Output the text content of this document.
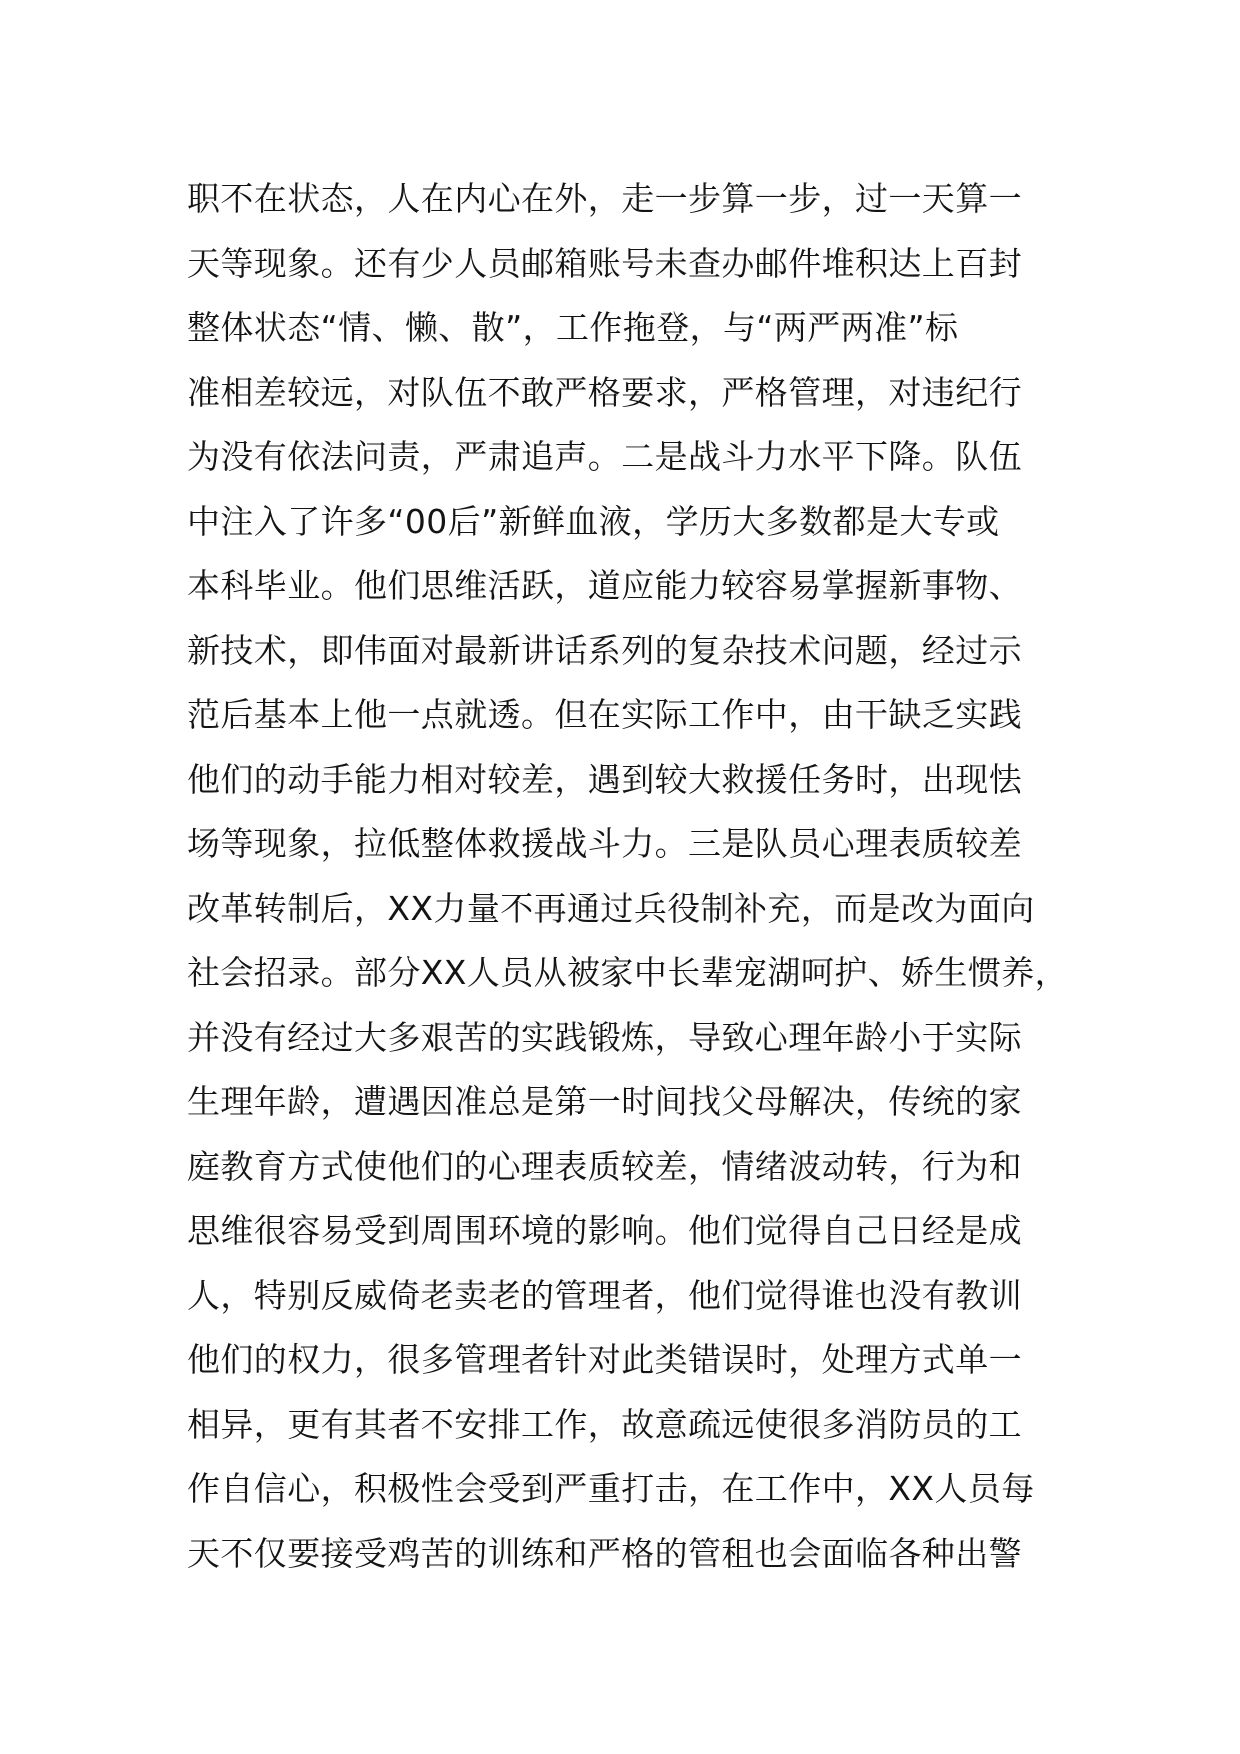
职不在状态，人在内心在外，走一步算一步，过一天算一
天等现象。还有少人员邮箱账号未查办邮件堆积达上百封
整体状态“情、懒、散”，工作拖登，与“两严两准”标
准相差较远，对队伍不敢严格要求，严格管理，对违纪行
为没有依法问责，严肃追声。二是战斗力水平下降。队伍
中注入了许多“00后”新鲜血液，学历大多数都是大专或
本科毕业。他们思维活跃，道应能力较容易掌握新事物、
新技术，即伟面对最新讲话系列的复杂技术问题，经过示
范后基本上他一点就透。但在实际工作中，由干缺乏实践
他们的动手能力相对较差，遇到较大救援任务时，出现怯
场等现象，拉低整体救援战斗力。三是队员心理表质较差
改革转制后，XX力量不再通过兵役制补充，而是改为面向
社会招录。部分XX人员从被家中长辈宠湖呵护、娇生惯养，
并没有经过大多艰苦的实践锻炼，导致心理年龄小于实际
生理年龄，遭遇因准总是第一时间找父母解决，传统的家
庭教育方式使他们的心理表质较差，情绪波动转，行为和
思维很容易受到周围环境的影响。他们觉得自己日经是成
人，特别反威倚老卖老的管理者，他们觉得谁也没有教训
他们的权力，很多管理者针对此类错误时，处理方式单一
相异，更有其者不安排工作，故意疏远使很多消防员的工
作自信心，积极性会受到严重打击，在工作中，XX人员每
天不仅要接受鸡苦的训练和严格的管租也会面临各种出警
